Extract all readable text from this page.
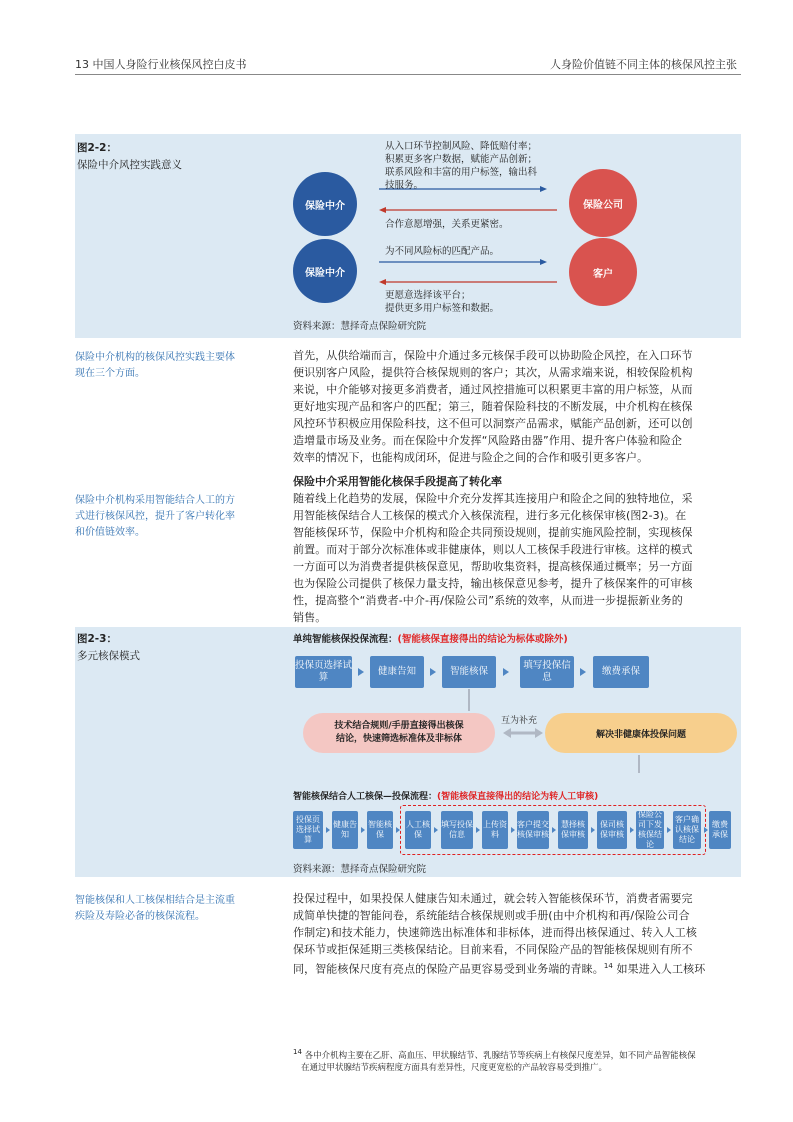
13 中国人身险行业核保风控白皮书	人身险价值链不同主体的核保风控主张
图2-2：
保险中介风控实践意义
保险中介	保险公司
保险中介	客户
从入口环节控制风险、降低赔付率；
积累更多客户数据，赋能产品创新；
联系风险和丰富的用户标签，输出科
技服务。
合作意愿增强，关系更紧密。
为不同风险标的匹配产品。
更愿意选择该平台；
提供更多用户标签和数据。
资料来源：慧择奇点保险研究院
保险中介机构的核保风控实践主要体
现在三个方面。
首先，从供给端而言，保险中介通过多元核保手段可以协助险企风控，在入口环节
便识别客户风险，提供符合核保规则的客户；其次，从需求端来说，相较保险机构
来说，中介能够对接更多消费者，通过风控措施可以积累更丰富的用户标签，从而
更好地实现产品和客户的匹配；第三，随着保险科技的不断发展，中介机构在核保
风控环节积极应用保险科技，这不但可以洞察产品需求，赋能产品创新，还可以创
造增量市场及业务。而在保险中介发挥“风险路由器”作用、提升客户体验和险企
效率的情况下，也能构成闭环，促进与险企之间的合作和吸引更多客户。
保险中介采用智能化核保手段提高了转化率
保险中介机构采用智能结合人工的方
式进行核保风控，提升了客户转化率
和价值链效率。
随着线上化趋势的发展，保险中介充分发挥其连接用户和险企之间的独特地位，采
用智能核保结合人工核保的模式介入核保流程，进行多元化核保审核(图2-3)。在
智能核保环节，保险中介机构和险企共同预设规则，提前实施风险控制，实现核保
前置。而对于部分次标准体或非健康体，则以人工核保手段进行审核。这样的模式
一方面可以为消费者提供核保意见，帮助收集资料，提高核保通过概率；另一方面
也为保险公司提供了核保力量支持，输出核保意见参考，提升了核保案件的可审核
性，提高整个“消费者-中介-再/保险公司”系统的效率，从而进一步提振新业务的
销售。
图2-3：
多元核保模式
单纯智能核保投保流程：(智能核保直接得出的结论为标体或除外)
投保页选择试算
健康告知	智能核保
填写投保信息
缴费承保
技术结合规则/手册直接得出核保
结论，快速筛选标准体及非标体
互为补充
解决非健康体投保问题
智能核保结合人工核保—投保流程：(智能核保直接得出的结论为转人工审核)
投保页选择试算
健康告知
智能核保
人工核保
填写投保信息
上传资料
客户提交核保审核
慧择核保审核
保司核保审核
保险公司下发核保结论
客户确认核保结论
缴费承保
资料来源：慧择奇点保险研究院
智能核保和人工核保相结合是主流重
疾险及寿险必备的核保流程。
投保过程中，如果投保人健康告知未通过，就会转入智能核保环节，消费者需要完
成简单快捷的智能问卷，系统能结合核保规则或手册(由中介机构和再/保险公司合
作制定)和技术能力，快速筛选出标准体和非标体，进而得出核保通过、转入人工核
保环节或拒保延期三类核保结论。目前来看，不同保险产品的智能核保规则有所不
同，智能核保尺度有亮点的保险产品更容易受到业务端的青睐。$^{14}$ 如果进入人工核环
$^{14}$ 各中介机构主要在乙肝、高血压、甲状腺结节、乳腺结节等疾病上有核保尺度差异，如不同产品智能核保
在通过甲状腺结节疾病程度方面具有差异性，尺度更宽松的产品较容易受到推广。
